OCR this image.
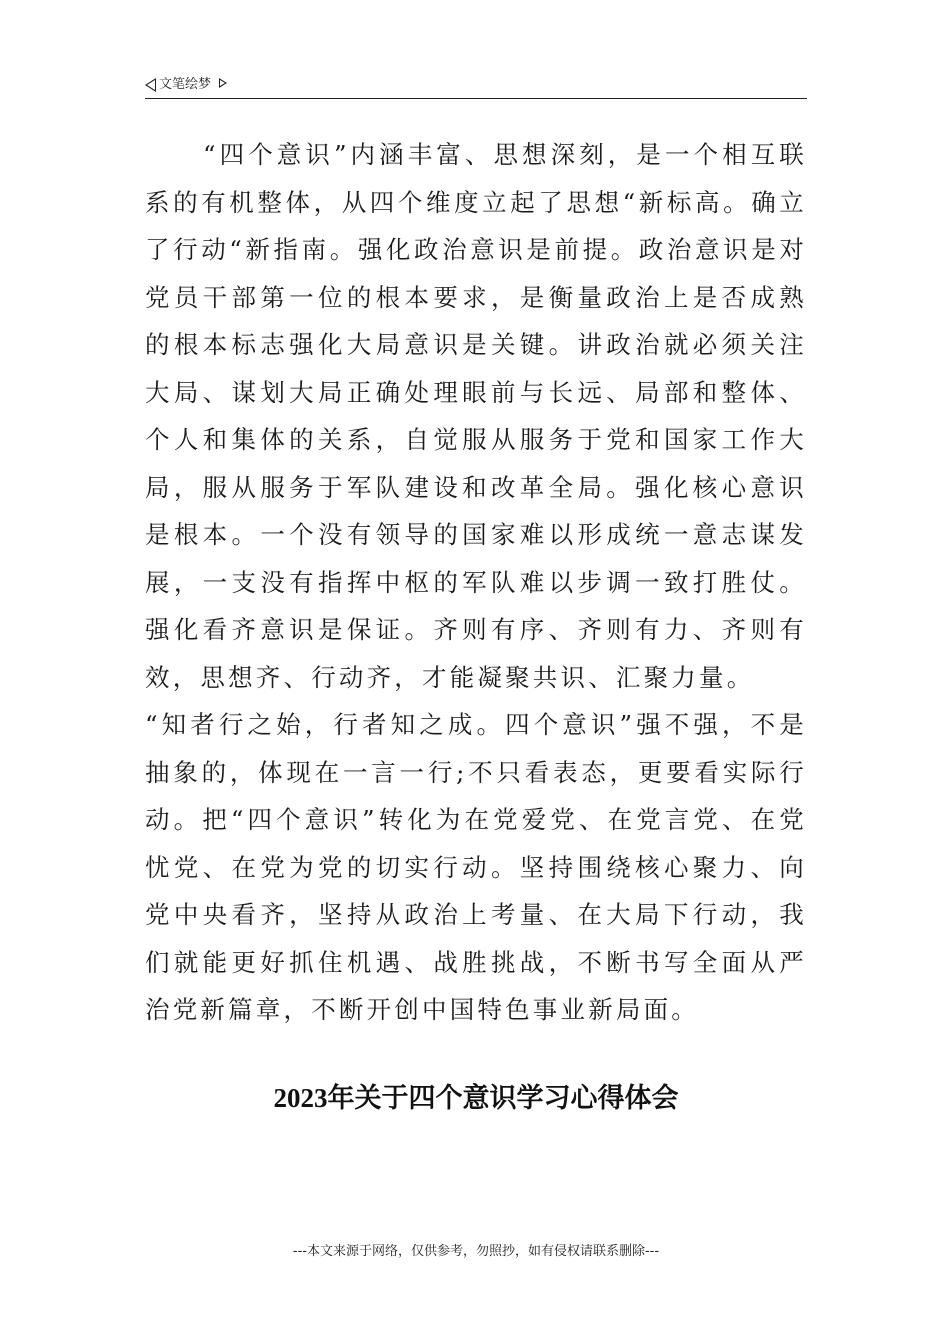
文笔绘梦

“四个意识”内涵丰富、思想深刻，是一个相互联系的有机整体，从四个维度立起了思想“新标高。确立了行动“新指南。强化政治意识是前提。政治意识是对党员干部第一位的根本要求，是衡量政治上是否成熟的根本标志强化大局意识是关键。讲政治就必须关注大局、谋划大局正确处理眼前与长远、局部和整体、个人和集体的关系，自觉服从服务于党和国家工作大局，服从服务于军队建设和改革全局。强化核心意识是根本。一个没有领导的国家难以形成统一意志谋发展，一支没有指挥中枢的军队难以步调一致打胜仗。强化看齐意识是保证。齐则有序、齐则有力、齐则有效，思想齐、行动齐，才能凝聚共识、汇聚力量。

“知者行之始，行者知之成。四个意识”强不强，不是抽象的，体现在一言一行;不只看表态，更要看实际行动。把“四个意识”转化为在党爱党、在党言党、在党忧党、在党为党的切实行动。坚持围绕核心聚力、向党中央看齐，坚持从政治上考量、在大局下行动，我们就能更好抓住机遇、战胜挑战，不断书写全面从严治党新篇章，不断开创中国特色事业新局面。

2023年关于四个意识学习心得体会
---本文来源于网络，仅供参考，勿照抄，如有侵权请联系删除---
